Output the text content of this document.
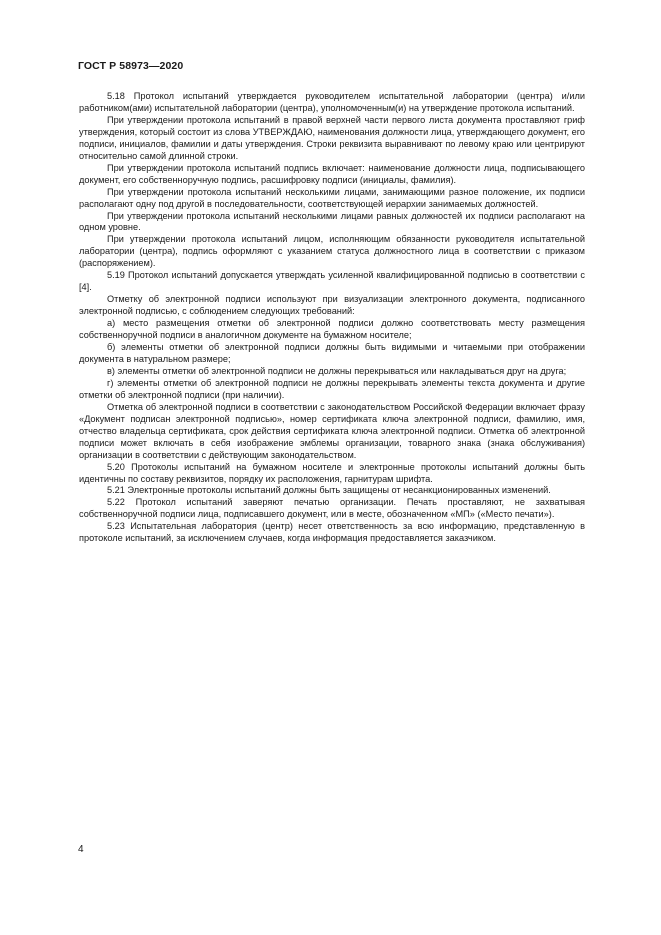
ГОСТ Р 58973—2020

5.18 Протокол испытаний утверждается руководителем испытательной лаборатории (центра) и/или работником(ами) испытательной лаборатории (центра), уполномоченным(и) на утверждение протокола испытаний.

При утверждении протокола испытаний в правой верхней части первого листа документа проставляют гриф утверждения, который состоит из слова УТВЕРЖДАЮ, наименования должности лица, утверждающего документ, его подписи, инициалов, фамилии и даты утверждения. Строки реквизита выравнивают по левому краю или центрируют относительно самой длинной строки.

При утверждении протокола испытаний подпись включает: наименование должности лица, подписывающего документ, его собственноручную подпись, расшифровку подписи (инициалы, фамилия).

При утверждении протокола испытаний несколькими лицами, занимающими разное положение, их подписи располагают одну под другой в последовательности, соответствующей иерархии занимаемых должностей.

При утверждении протокола испытаний несколькими лицами равных должностей их подписи располагают на одном уровне.

При утверждении протокола испытаний лицом, исполняющим обязанности руководителя испытательной лаборатории (центра), подпись оформляют с указанием статуса должностного лица в соответствии с приказом (распоряжением).

5.19 Протокол испытаний допускается утверждать усиленной квалифицированной подписью в соответствии с [4].

Отметку об электронной подписи используют при визуализации электронного документа, подписанного электронной подписью, с соблюдением следующих требований:

а) место размещения отметки об электронной подписи должно соответствовать месту размещения собственноручной подписи в аналогичном документе на бумажном носителе;

б) элементы отметки об электронной подписи должны быть видимыми и читаемыми при отображении документа в натуральном размере;

в) элементы отметки об электронной подписи не должны перекрываться или накладываться друг на друга;

г) элементы отметки об электронной подписи не должны перекрывать элементы текста документа и другие отметки об электронной подписи (при наличии).

Отметка об электронной подписи в соответствии с законодательством Российской Федерации включает фразу «Документ подписан электронной подписью», номер сертификата ключа электронной подписи, фамилию, имя, отчество владельца сертификата, срок действия сертификата ключа электронной подписи. Отметка об электронной подписи может включать в себя изображение эмблемы организации, товарного знака (знака обслуживания) организации в соответствии с действующим законодательством.

5.20 Протоколы испытаний на бумажном носителе и электронные протоколы испытаний должны быть идентичны по составу реквизитов, порядку их расположения, гарнитурам шрифта.

5.21 Электронные протоколы испытаний должны быть защищены от несанкционированных изменений.

5.22 Протокол испытаний заверяют печатью организации. Печать проставляют, не захватывая собственноручной подписи лица, подписавшего документ, или в месте, обозначенном «МП» («Место печати»).

5.23 Испытательная лаборатория (центр) несет ответственность за всю информацию, представленную в протоколе испытаний, за исключением случаев, когда информация предоставляется заказчиком.

4
